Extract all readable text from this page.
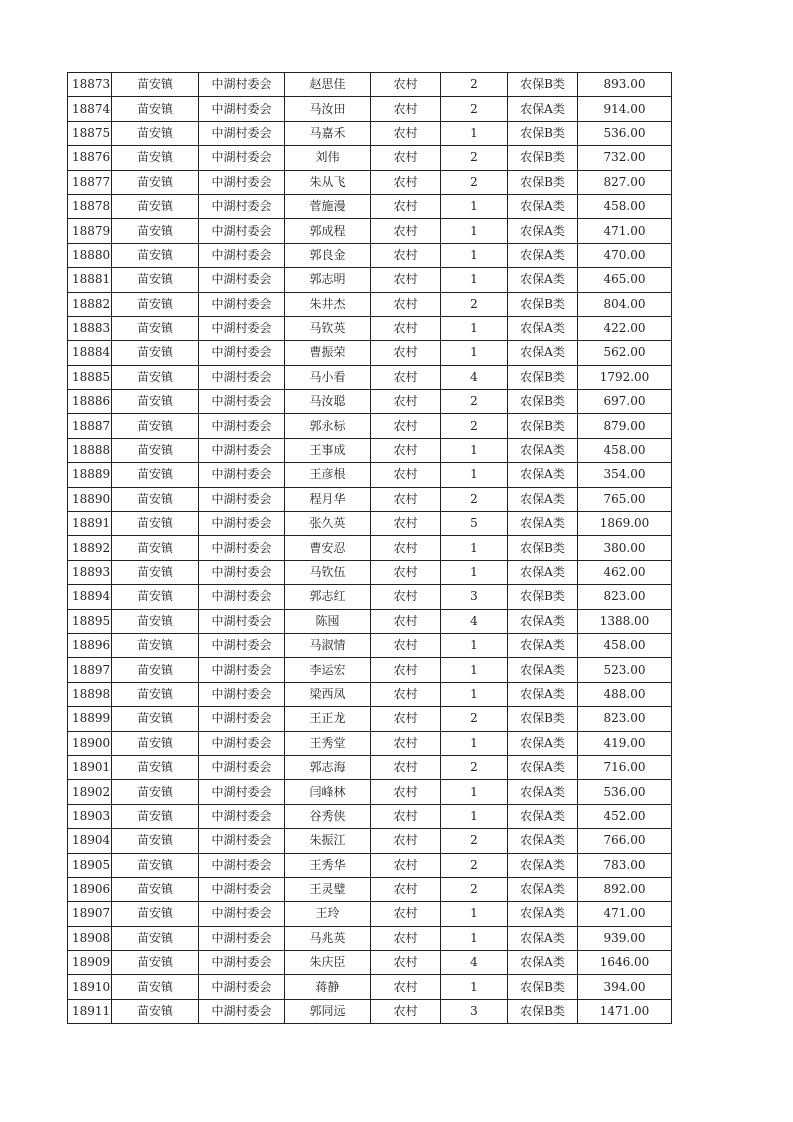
18873	苗安镇	中湖村委会	赵思佳	农村	2	农保B类	893.00
18874	苗安镇	中湖村委会	马汝田	农村	2	农保A类	914.00
18875	苗安镇	中湖村委会	马嘉禾	农村	1	农保B类	536.00
18876	苗安镇	中湖村委会	刘伟	农村	2	农保B类	732.00
18877	苗安镇	中湖村委会	朱从飞	农村	2	农保B类	827.00
18878	苗安镇	中湖村委会	菅施漫	农村	1	农保A类	458.00
18879	苗安镇	中湖村委会	郭成程	农村	1	农保A类	471.00
18880	苗安镇	中湖村委会	郭良金	农村	1	农保A类	470.00
18881	苗安镇	中湖村委会	郭志明	农村	1	农保A类	465.00
18882	苗安镇	中湖村委会	朱井杰	农村	2	农保B类	804.00
18883	苗安镇	中湖村委会	马钦英	农村	1	农保A类	422.00
18884	苗安镇	中湖村委会	曹振荣	农村	1	农保A类	562.00
18885	苗安镇	中湖村委会	马小看	农村	4	农保B类	1792.00
18886	苗安镇	中湖村委会	马汝聪	农村	2	农保B类	697.00
18887	苗安镇	中湖村委会	郭永标	农村	2	农保B类	879.00
18888	苗安镇	中湖村委会	王事成	农村	1	农保A类	458.00
18889	苗安镇	中湖村委会	王彦根	农村	1	农保A类	354.00
18890	苗安镇	中湖村委会	程月华	农村	2	农保A类	765.00
18891	苗安镇	中湖村委会	张久英	农村	5	农保A类	1869.00
18892	苗安镇	中湖村委会	曹安忍	农村	1	农保B类	380.00
18893	苗安镇	中湖村委会	马钦伍	农村	1	农保A类	462.00
18894	苗安镇	中湖村委会	郭志红	农村	3	农保B类	823.00
18895	苗安镇	中湖村委会	陈囤	农村	4	农保A类	1388.00
18896	苗安镇	中湖村委会	马淑情	农村	1	农保A类	458.00
18897	苗安镇	中湖村委会	李运宏	农村	1	农保A类	523.00
18898	苗安镇	中湖村委会	梁西凤	农村	1	农保A类	488.00
18899	苗安镇	中湖村委会	王正龙	农村	2	农保B类	823.00
18900	苗安镇	中湖村委会	王秀堂	农村	1	农保A类	419.00
18901	苗安镇	中湖村委会	郭志海	农村	2	农保A类	716.00
18902	苗安镇	中湖村委会	闫峰林	农村	1	农保A类	536.00
18903	苗安镇	中湖村委会	谷秀侠	农村	1	农保A类	452.00
18904	苗安镇	中湖村委会	朱振江	农村	2	农保A类	766.00
18905	苗安镇	中湖村委会	王秀华	农村	2	农保A类	783.00
18906	苗安镇	中湖村委会	王灵璧	农村	2	农保A类	892.00
18907	苗安镇	中湖村委会	王玲	农村	1	农保A类	471.00
18908	苗安镇	中湖村委会	马兆英	农村	1	农保A类	939.00
18909	苗安镇	中湖村委会	朱庆臣	农村	4	农保A类	1646.00
18910	苗安镇	中湖村委会	蒋静	农村	1	农保B类	394.00
18911	苗安镇	中湖村委会	郭同远	农村	3	农保B类	1471.00
